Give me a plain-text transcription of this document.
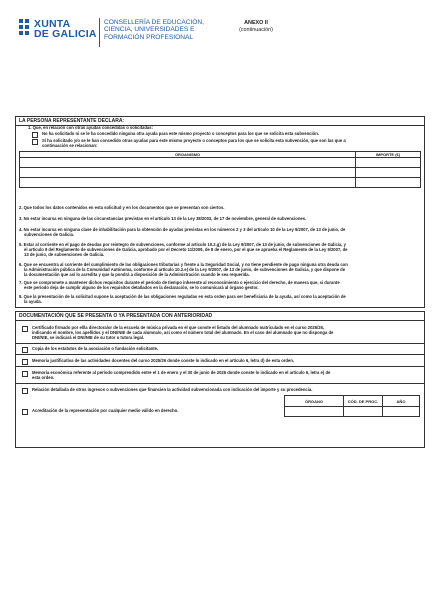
XUNTA
DE GALICIA
CONSELLERÍA DE EDUCACIÓN,
CIENCIA, UNIVERSIDADES E
FORMACIÓN PROFESIONAL
ANEXO II
(continuación)
LA PERSONA REPRESENTANTE DECLARA:
1. Que, en relación con otras ayudas concedidas o solicitadas:
No ha solicitado ni se le ha concedido ninguna otra ayuda para este mismo proyecto o conceptos para los que se solicita esta subvención.
Sí ha solicitado y/o se le han concedido otras ayudas para este mismo proyecto o conceptos para los que se solicita esta subvención, que son las que a
continuación se relacionan:
ORGANISMO	IMPORTE (€)

2. Que todos los datos contenidos en esta solicitud y en los documentos que se presentan son ciertos.
3. No estar incursa en ninguna de las circunstancias previstas en el artículo 13 de la Ley 38/2003, de 17 de noviembre, general de subvenciones.
4. No estar incursa en ninguna clase de inhabilitación para la obtención de ayudas previstas en los números 2 y 3 del artículo 10 de la Ley 9/2007, de 13 de junio, de
subvenciones de Galicia.
5. Estar al corriente en el pago de deudas por reintegro de subvenciones, conforme al artículo 10.2.g) de la Ley 9/2007, de 13 de junio, de subvenciones de Galicia, y
el artículo 9 del Reglamento de subvenciones de Galicia, aprobado por el Decreto 11/2009, de 8 de enero, por el que se aprueba el Reglamento de la Ley 9/2007, de
13 de junio, de subvenciones de Galicia.
6. Que se encuentra al corriente del cumplimiento de las obligaciones tributarias y frente a la Seguridad Social, y no tiene pendiente de pago ninguna otra deuda con
la Administración pública de la Comunidad Autónoma, conforme al artículo 10.2.e) de la Ley 9/2007, de 13 de junio, de subvenciones de Galicia, y que dispone de
la documentación que así lo acredita y que la pondrá a disposición de la Administración cuando le sea requerida.
7. Que se compromete a mantener dichos requisitos durante el período de tiempo inherente al reconocimiento o ejercicio del derecho, de manera que, si durante
este período deja de cumplir alguno de los requisitos detallados en la declaración, se lo comunicará al órgano gestor.
8. Que la presentación de la solicitud supone la aceptación de las obligaciones reguladas en esta orden para ser beneficiaria de la ayuda, así como la aceptación de
la ayuda.
DOCUMENTACIÓN QUE SE PRESENTA O YA PRESENTADA CON ANTERIORIDAD
Certificado firmado por el/la directora/or de la escuela de música privada en el que conste el listado del alumnado matriculado en el curso 2025/26,
indicando el nombre, los apellidos y el DNI/NIE de cada alumna/o, así como el número total del alumnado. En el caso del alumnado que no disponga de
DNI/NIE, se indicará el DNI/NIE de su tutor o tutora legal.
Copia de los estatutos de la asociación o fundación solicitante.
Memoria justificativa de las actividades docentes del curso 2025/26 donde conste lo indicado en el artículo 6, letra d) de esta orden.
Memoria económica referente al período comprendido entre el 1 de enero y el 30 de junio de 2026 donde conste lo indicado en el artículo 6, letra e) de
esta orden.
Relación detallada de otros ingresos o subvenciones que financien la actividad subvencionada con indicación del importe y su procedencia.
ÓRGANO	CÓD. DE PROC.	AÑO

Acreditación de la representación por cualquier medio válido en derecho.
